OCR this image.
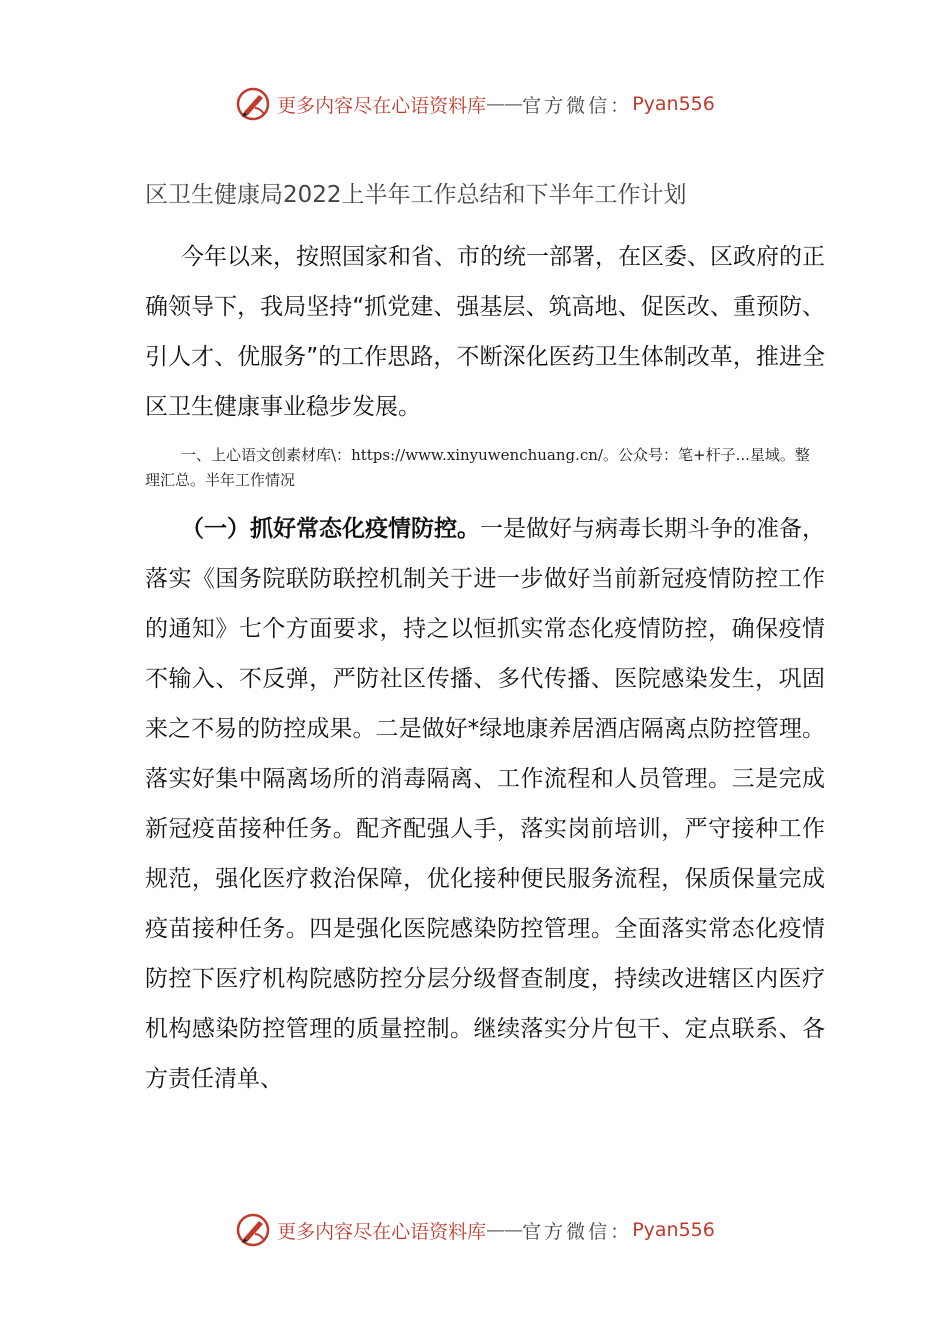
更多内容尽在心语资料库 —— 官方微信： Pyan556
区卫生健康局2022上半年工作总结和下半年工作计划

今年以来，按照国家和省、市的统一部署，在区委、区政府的正确领导下，我局坚持“抓党建、强基层、筑高地、促医改、重预防、引人才、优服务”的工作思路，不断深化医药卫生体制改革，推进全区卫生健康事业稳步发展。

一、上心语文创素材库\：https://www.xinyuwenchuang.cn/。公众号：笔+杆子...星域。整理汇总。半年工作情况

（一）抓好常态化疫情防控。一是做好与病毒长期斗争的准备，落实《国务院联防联控机制关于进一步做好当前新冠疫情防控工作的通知》七个方面要求，持之以恒抓实常态化疫情防控，确保疫情不输入、不反弹，严防社区传播、多代传播、医院感染发生，巩固来之不易的防控成果。二是做好*绿地康养居酒店隔离点防控管理。落实好集中隔离场所的消毒隔离、工作流程和人员管理。三是完成新冠疫苗接种任务。配齐配强人手，落实岗前培训，严守接种工作规范，强化医疗救治保障，优化接种便民服务流程，保质保量完成疫苗接种任务。四是强化医院感染防控管理。全面落实常态化疫情防控下医疗机构院感防控分层分级督查制度，持续改进辖区内医疗机构感染防控管理的质量控制。继续落实分片包干、定点联系、各方责任清单、

更多内容尽在心语资料库 —— 官方微信： Pyan556
